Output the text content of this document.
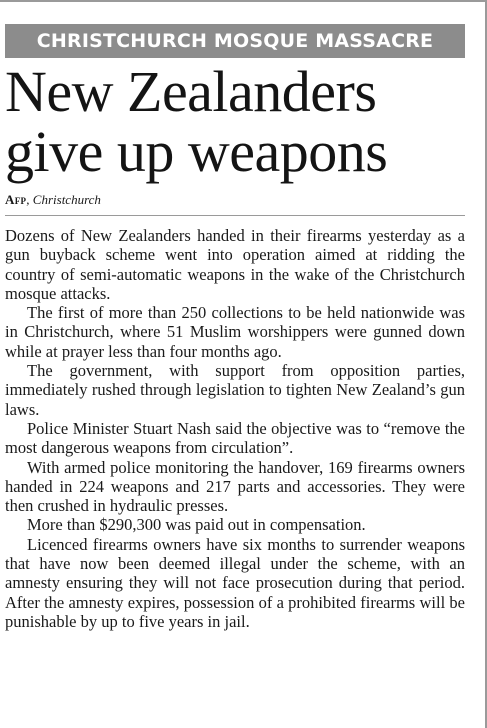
CHRISTCHURCH MOSQUE MASSACRE
New Zealanders
give up weapons
Afp, Christchurch

Dozens of New Zealanders handed in their firearms yesterday as a gun buyback scheme went into operation aimed at ridding the country of semi-automatic weapons in the wake of the Christchurch mosque attacks.

The first of more than 250 collections to be held nationwide was in Christchurch, where 51 Muslim worshippers were gunned down while at prayer less than four months ago.

The government, with support from opposition parties, immediately rushed through legislation to tighten New Zealand’s gun laws.

Police Minister Stuart Nash said the objective was to “remove the most dangerous weapons from circulation”.

With armed police monitoring the handover, 169 firearms owners handed in 224 weapons and 217 parts and accessories. They were then crushed in hydraulic presses.

More than $290,300 was paid out in compensation.

Licenced firearms owners have six months to surrender weapons that have now been deemed illegal under the scheme, with an amnesty ensuring they will not face prosecution during that period. After the amnesty expires, possession of a prohibited firearms will be punishable by up to five years in jail.
